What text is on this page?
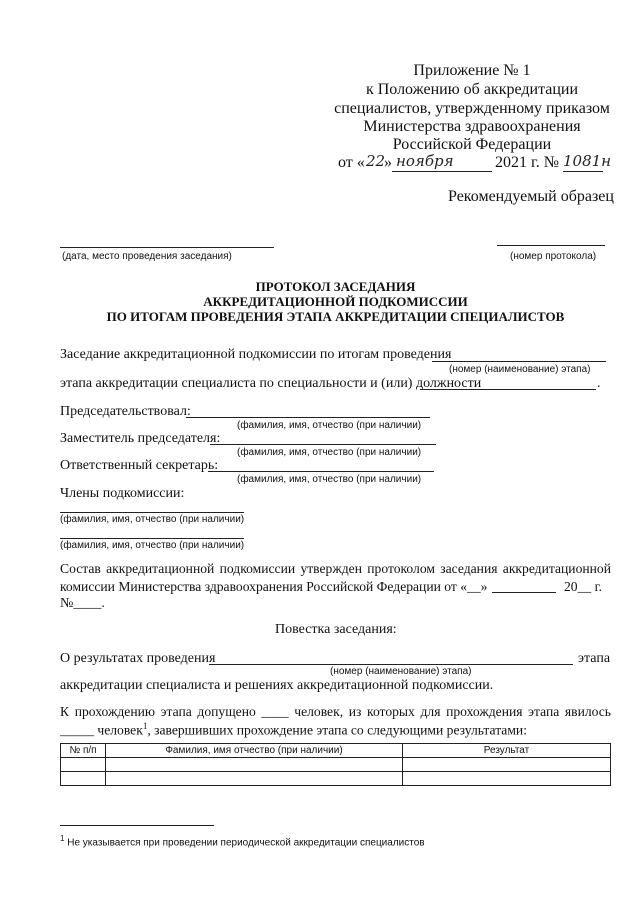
Приложение № 1
к Положению об аккредитации
специалистов, утвержденному приказом
Министерства здравоохранения
Российской Федерации
от « 22
» ноября	2021 г. № 1081н
Рекомендуемый образец
(дата, место проведения заседания)	(номер протокола)
ПРОТОКОЛ ЗАСЕДАНИЯ
АККРЕДИТАЦИОННОЙ ПОДКОМИССИИ
ПО ИТОГАМ ПРОВЕДЕНИЯ ЭТАПА АККРЕДИТАЦИИ СПЕЦИАЛИСТОВ
Заседание аккредитационной подкомиссии по итогам проведения
(номер (наименование) этапа)
этапа аккредитации специалиста по специальности и (или) должности	.
Председательствовал:
(фамилия, имя, отчество (при наличии)
Заместитель председателя:
(фамилия, имя, отчество (при наличии)
Ответственный секретарь:
(фамилия, имя, отчество (при наличии)
Члены подкомиссии:
(фамилия, имя, отчество (при наличии)
(фамилия, имя, отчество (при наличии)
Состав аккредитационной подкомиссии утвержден протоколом заседания аккредитационной
комиссии Министерства здравоохранения Российской Федерации от «__»	20__ г.
№____.
Повестка заседания:
О результатах проведения	этапа
(номер (наименование) этапа)
аккредитации специалиста и решениях аккредитационной подкомиссии.
К прохождению этапа допущено ____ человек, из которых для прохождения этапа явилось
_____ человек$^1$, завершивших прохождение этапа со следующими результатами:
№ п/п	Фамилия, имя отчество (при наличии)	Результат

$^1$ Не указывается при проведении периодической аккредитации специалистов
